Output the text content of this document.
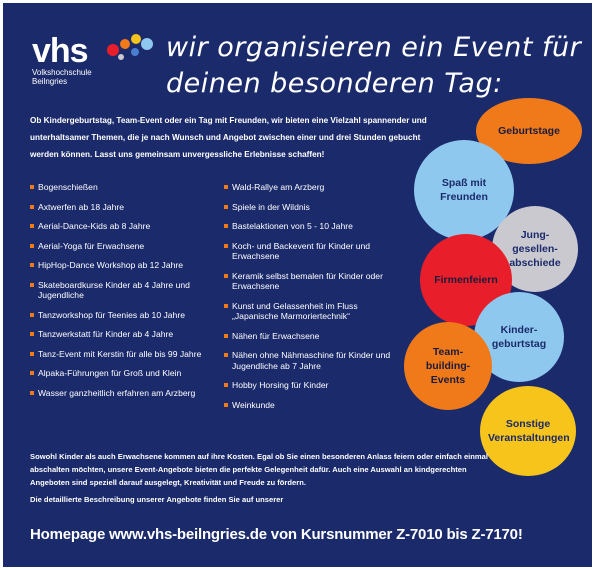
vhs
Volkshochschule
Beilngries
wir organisieren ein Event für
deinen besonderen Tag:

Ob Kindergeburtstag, Team-Event oder ein Tag mit Freunden, wir bieten eine Vielzahl spannender und unterhaltsamer Themen, die je nach Wunsch und Angebot zwischen einer und drei Stunden gebucht werden können. Lasst uns gemeinsam unvergessliche Erlebnisse schaffen!

Bogenschießen
Axtwerfen ab 18 Jahre
Aerial-Dance-Kids ab 8 Jahre
Aerial-Yoga für Erwachsene
HipHop-Dance Workshop ab 12 Jahre
Skateboardkurse Kinder ab 4 Jahre und Jugendliche
Tanzworkshop für Teenies ab 10 Jahre
Tanzwerkstatt für Kinder ab 4 Jahre
Tanz-Event mit Kerstin für alle bis 99 Jahre
Alpaka-Führungen für Groß und Klein
Wasser ganzheitlich erfahren am Arzberg
Wald-Rallye am Arzberg
Spiele in der Wildnis
Bastelaktionen von 5 - 10 Jahre
Koch- und Backevent für Kinder und Erwachsene
Keramik selbst bemalen für Kinder oder Erwachsene
Kunst und Gelassenheit im Fluss „Japanische Marmoriertechnik“
Nähen für Erwachsene
Nähen ohne Nähmaschine für Kinder und Jugendliche ab 7 Jahre
Hobby Horsing für Kinder
Weinkunde
Geburtstage
Spaß mit Freunden
Jung-gesellen-abschiede
Firmenfeiern
Kinder-geburtstag
Team-building-Events
Sonstige Veranstaltungen

Sowohl Kinder als auch Erwachsene kommen auf ihre Kosten. Egal ob Sie einen besonderen Anlass feiern oder einfach einmal abschalten möchten, unsere Event-Angebote bieten die perfekte Gelegenheit dafür. Auch eine Auswahl an kindgerechten Angeboten sind speziell darauf ausgelegt, Kreativität und Freude zu fördern.

Die detaillierte Beschreibung unserer Angebote finden Sie auf unserer

Homepage www.vhs-beilngries.de von Kursnummer Z-7010 bis Z-7170!
